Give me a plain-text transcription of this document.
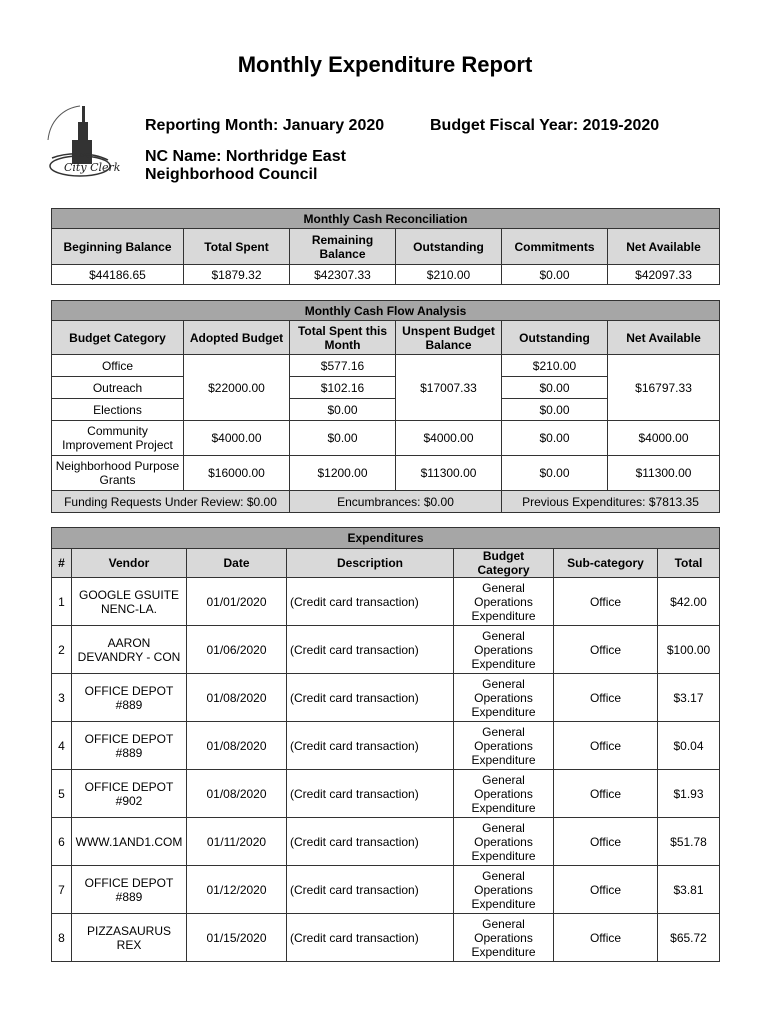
Monthly Expenditure Report
City Clerk
Reporting Month: January 2020	Budget Fiscal Year: 2019-2020
NC Name: Northridge East
Neighborhood Council
Monthly Cash Reconciliation					
Beginning Balance	Total Spent	Remaining Balance	Outstanding	Commitments	Net Available
$44186.65	$1879.32	$42307.33	$210.00	$0.00	$42097.33
Monthly Cash Flow Analysis					
Budget Category	Adopted Budget	Total Spent this Month	Unspent Budget Balance	Outstanding	Net Available
Office	$22000.00	$577.16	$17007.33	$210.00	$16797.33
Outreach		$102.16		$0.00	
Elections		$0.00		$0.00	
Community Improvement Project	$4000.00	$0.00	$4000.00	$0.00	$4000.00
Neighborhood Purpose Grants	$16000.00	$1200.00	$11300.00	$0.00	$11300.00
Funding Requests Under Review: $0.00		Encumbrances: $0.00		Previous Expenditures: $7813.35	
Expenditures						
#	Vendor	Date	Description	Budget Category	Sub-category	Total
1	GOOGLE GSUITE NENC-LA.	01/01/2020	(Credit card transaction)	General Operations Expenditure	Office	$42.00
2	AARON DEVANDRY - CON	01/06/2020	(Credit card transaction)	General Operations Expenditure	Office	$100.00
3	OFFICE DEPOT #889	01/08/2020	(Credit card transaction)	General Operations Expenditure	Office	$3.17
4	OFFICE DEPOT #889	01/08/2020	(Credit card transaction)	General Operations Expenditure	Office	$0.04
5	OFFICE DEPOT #902	01/08/2020	(Credit card transaction)	General Operations Expenditure	Office	$1.93
6	WWW.1AND1.COM	01/11/2020	(Credit card transaction)	General Operations Expenditure	Office	$51.78
7	OFFICE DEPOT #889	01/12/2020	(Credit card transaction)	General Operations Expenditure	Office	$3.81
8	PIZZASAURUS REX	01/15/2020	(Credit card transaction)	General Operations Expenditure	Office	$65.72
